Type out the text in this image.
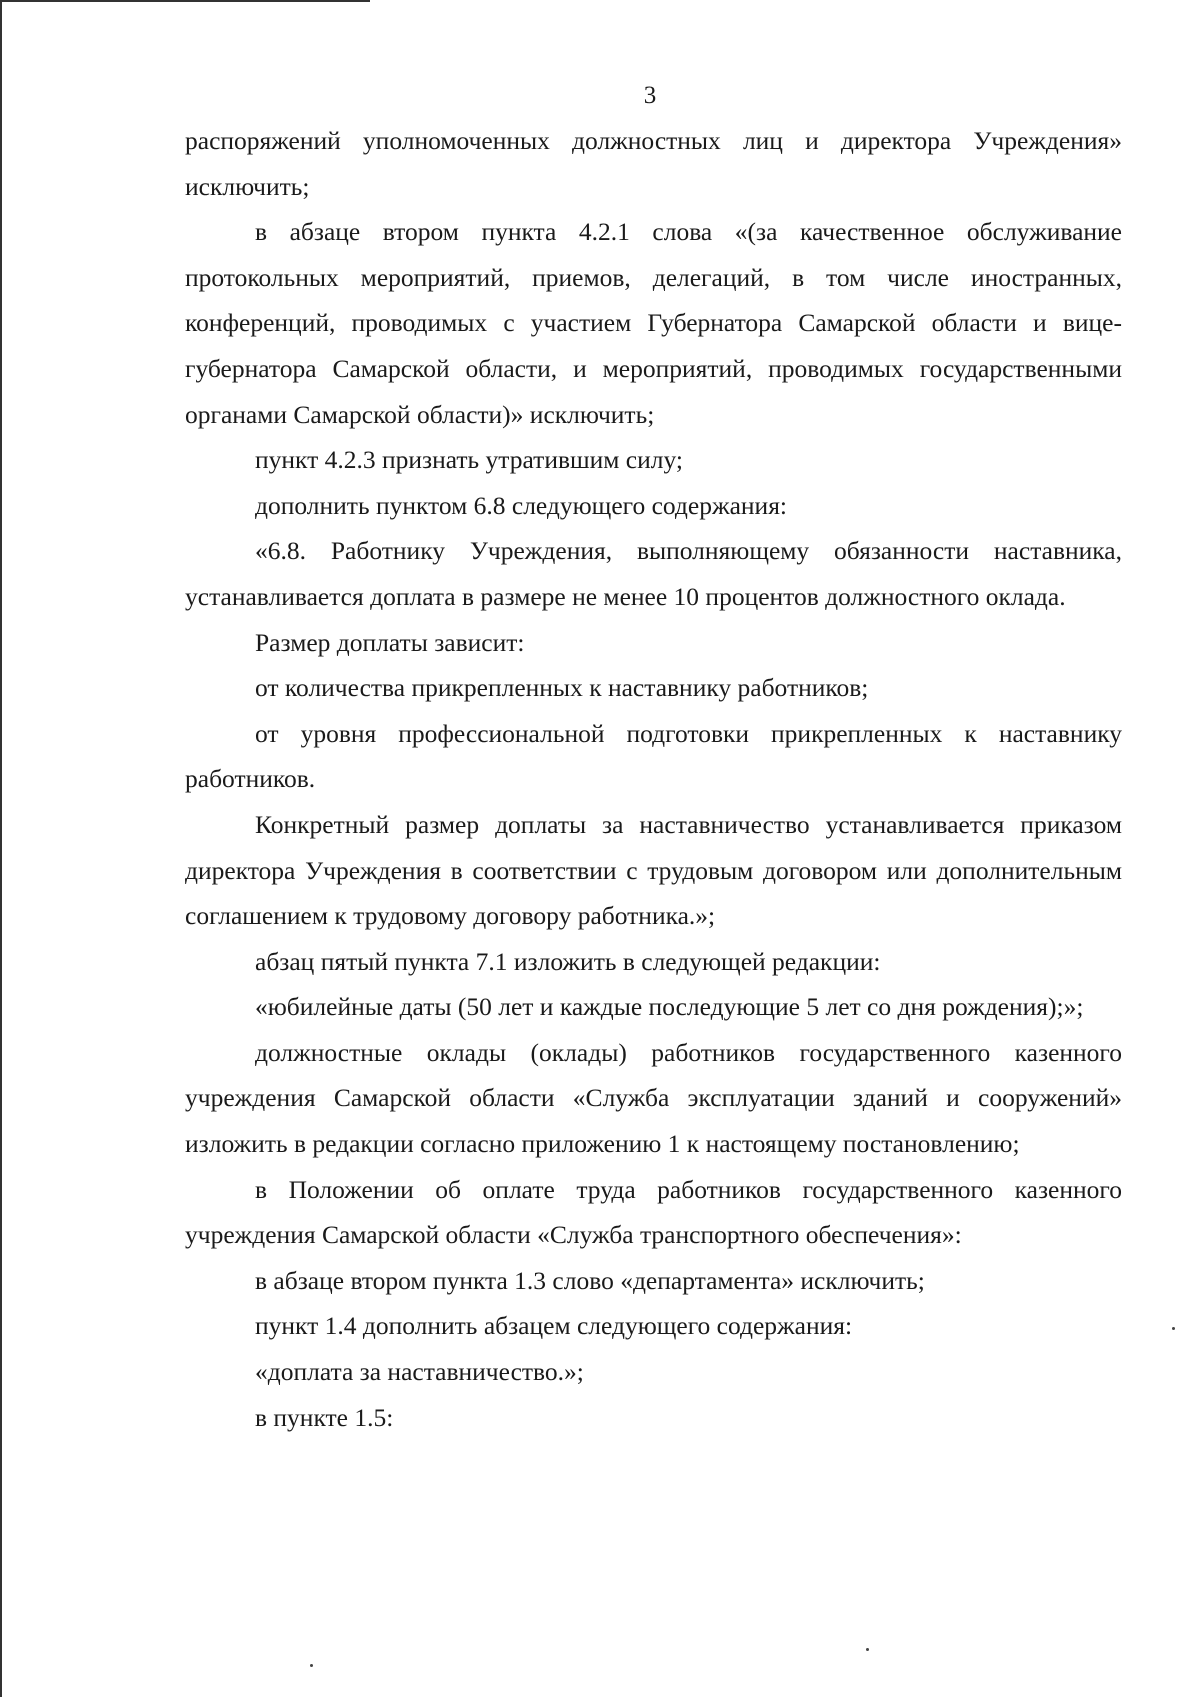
3

распоряжений уполномоченных должностных лиц и директора Учреждения» исключить;

в абзаце втором пункта 4.2.1 слова «(за качественное обслуживание протокольных мероприятий, приемов, делегаций, в том числе иностранных, конференций, проводимых с участием Губернатора Самарской области и вице-губернатора Самарской области, и мероприятий, проводимых государственными органами Самарской области)» исключить;

пункт 4.2.3 признать утратившим силу;

дополнить пунктом 6.8 следующего содержания:

«6.8. Работнику Учреждения, выполняющему обязанности наставника, устанавливается доплата в размере не менее 10 процентов должностного оклада.

Размер доплаты зависит:

от количества прикрепленных к наставнику работников;

от уровня профессиональной подготовки прикрепленных к наставнику работников.

Конкретный размер доплаты за наставничество устанавливается приказом директора Учреждения в соответствии с трудовым договором или дополнительным соглашением к трудовому договору работника.»;

абзац пятый пункта 7.1 изложить в следующей редакции:

«юбилейные даты (50 лет и каждые последующие 5 лет со дня рождения);»;

должностные оклады (оклады) работников государственного казенного учреждения Самарской области «Служба эксплуатации зданий и сооружений» изложить в редакции согласно приложению 1 к настоящему постановлению;

в Положении об оплате труда работников государственного казенного учреждения Самарской области «Служба транспортного обеспечения»:

в абзаце втором пункта 1.3 слово «департамента» исключить;

пункт 1.4 дополнить абзацем следующего содержания:

«доплата за наставничество.»;

в пункте 1.5:
